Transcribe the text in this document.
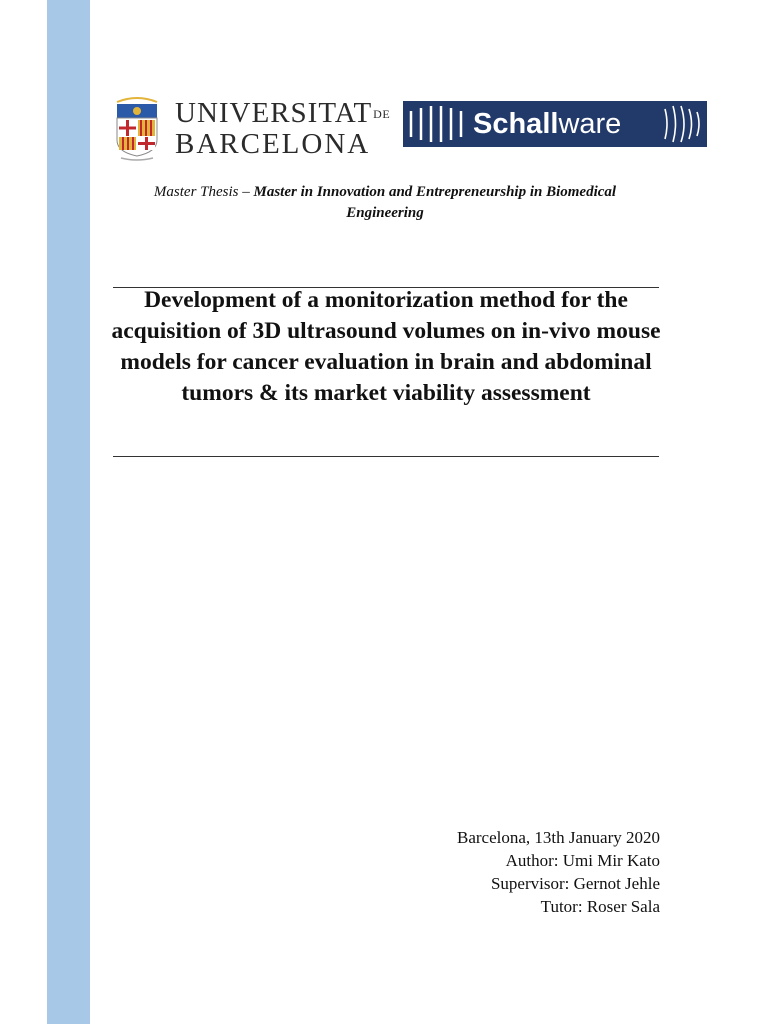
UNIVERSITATDE
BARCELONA
Schallware
Master Thesis – Master in Innovation and Entrepreneurship in Biomedical Engineering
Development of a monitorization method for the acquisition of 3D ultrasound volumes on in-vivo mouse models for cancer evaluation in brain and abdominal tumors & its market viability assessment
Barcelona, 13th January 2020
Author: Umi Mir Kato
Supervisor: Gernot Jehle
Tutor: Roser Sala
